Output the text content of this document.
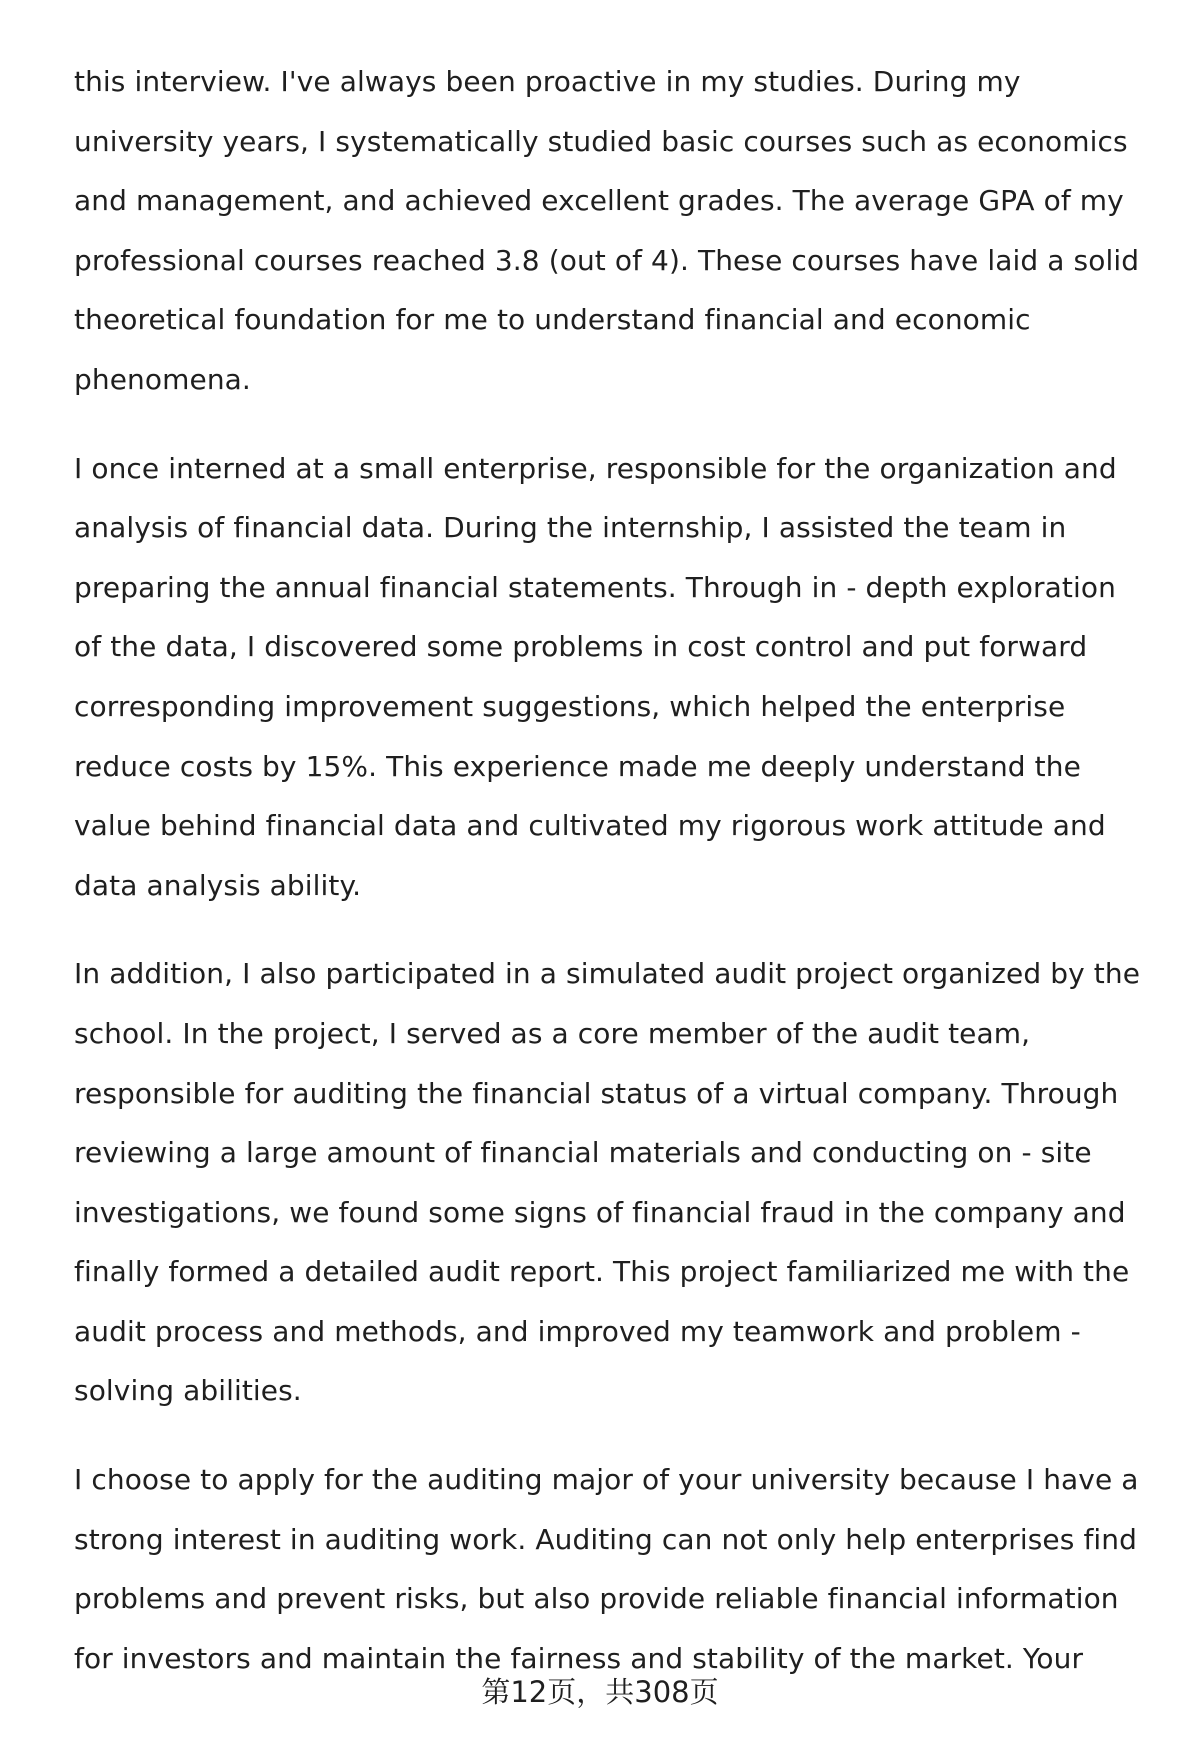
this interview. I've always been proactive in my studies. During my
university years, I systematically studied basic courses such as economics
and management, and achieved excellent grades. The average GPA of my
professional courses reached 3.8 (out of 4). These courses have laid a solid
theoretical foundation for me to understand financial and economic
phenomena.

I once interned at a small enterprise, responsible for the organization and
analysis of financial data. During the internship, I assisted the team in
preparing the annual financial statements. Through in - depth exploration
of the data, I discovered some problems in cost control and put forward
corresponding improvement suggestions, which helped the enterprise
reduce costs by 15%. This experience made me deeply understand the
value behind financial data and cultivated my rigorous work attitude and
data analysis ability.

In addition, I also participated in a simulated audit project organized by the
school. In the project, I served as a core member of the audit team,
responsible for auditing the financial status of a virtual company. Through
reviewing a large amount of financial materials and conducting on - site
investigations, we found some signs of financial fraud in the company and
finally formed a detailed audit report. This project familiarized me with the
audit process and methods, and improved my teamwork and problem -
solving abilities.

I choose to apply for the auditing major of your university because I have a
strong interest in auditing work. Auditing can not only help enterprises find
problems and prevent risks, but also provide reliable financial information
for investors and maintain the fairness and stability of the market. Your

第12页，共308页
